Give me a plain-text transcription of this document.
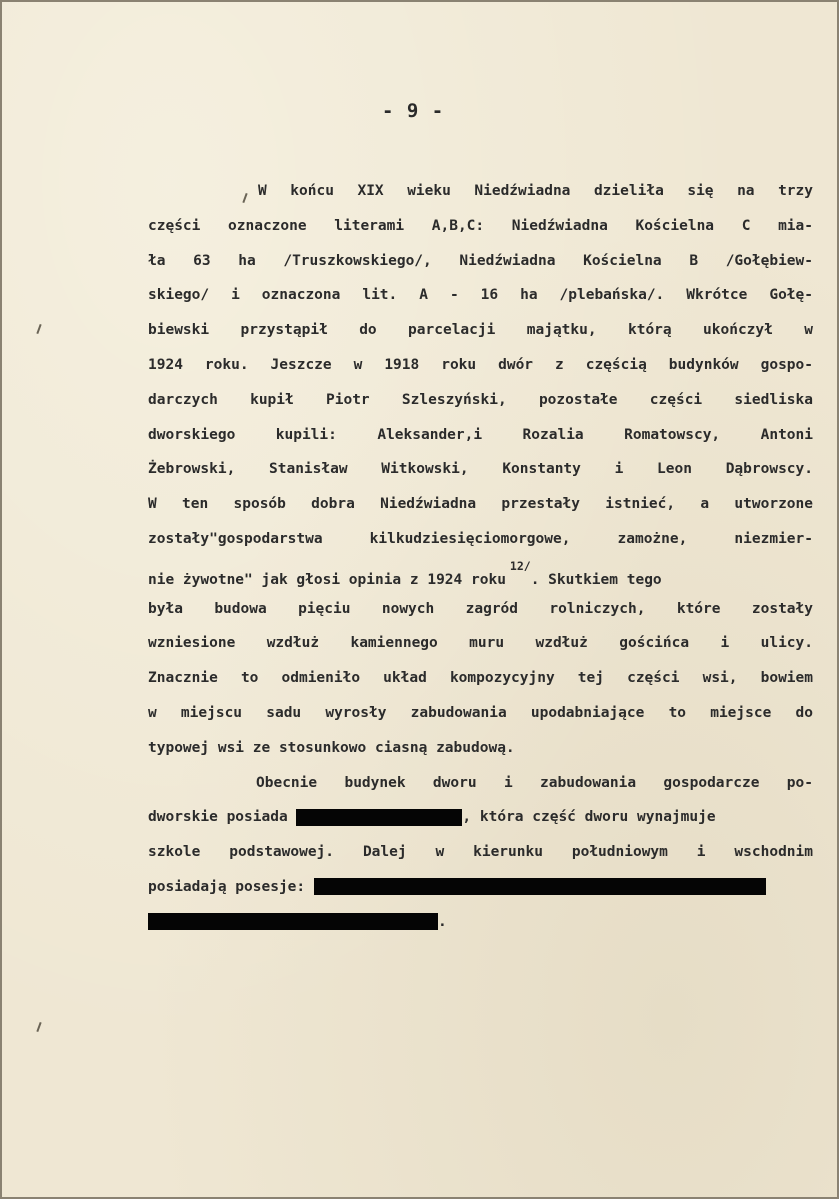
- 9 -
W końcu XIX wieku Niedźwiadna dzieliła się na trzy
części oznaczone literami A,B,C: Niedźwiadna Kościelna C mia-
ła 63 ha /Truszkowskiego/, Niedźwiadna Kościelna B /Gołębiew-
skiego/ i oznaczona lit. A - 16 ha /plebańska/. Wkrótce Gołę-
biewski przystąpił do parcelacji majątku, którą ukończył w
1924 roku. Jeszcze w 1918 roku dwór z częścią budynków gospo-
darczych kupił Piotr Szleszyński, pozostałe części siedliska
dworskiego kupili: Aleksander,i Rozalia Romatowscy, Antoni
Żebrowski, Stanisław Witkowski, Konstanty i Leon Dąbrowscy.
W ten sposób dobra Niedźwiadna przestały istnieć, a utworzone
zostały"gospodarstwa kilkudziesięciomorgowe, zamożne, niezmier-
nie żywotne" jak głosi opinia z 1924 roku$^{12/}$. Skutkiem tego
była budowa pięciu nowych zagród rolniczych, które zostały
wzniesione wzdłuż kamiennego muru wzdłuż gościńca i ulicy.
Znacznie to odmieniło układ kompozycyjny tej części wsi, bowiem
w miejscu sadu wyrosły zabudowania upodabniające to miejsce do
typowej wsi ze stosunkowo ciasną zabudową.
Obecnie budynek dworu i zabudowania gospodarcze po-
dworskie posiada	, która część dworu wynajmuje
szkole podstawowej. Dalej w kierunku południowym i wschodnim
posiadają posesje:
.
